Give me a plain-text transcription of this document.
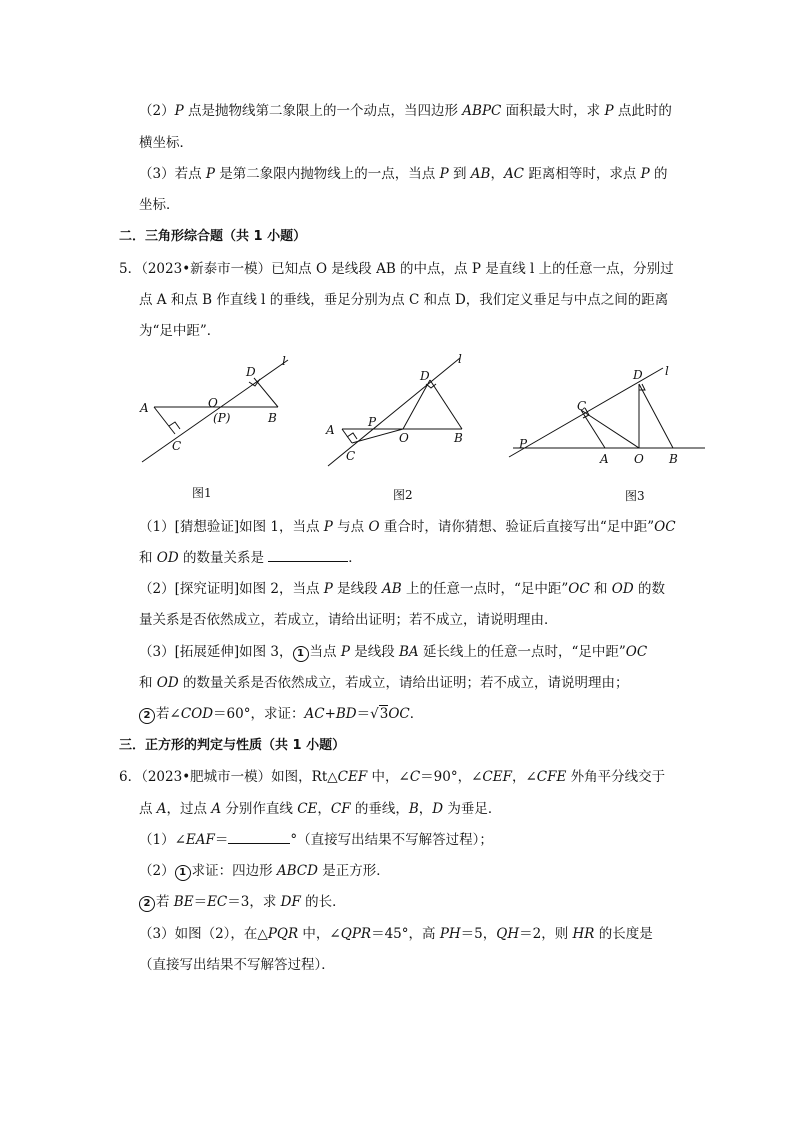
（2）P 点是抛物线第二象限上的一个动点，当四边形 ABPC 面积最大时，求 P 点此时的
横坐标．
（3）若点 P 是第二象限内抛物线上的一点，当点 P 到 AB，AC 距离相等时，求点 P 的
坐标．
二．三角形综合题（共 1 小题）
5．（2023•新泰市一模）已知点 O 是线段 AB 的中点，点 P 是直线 l 上的任意一点，分别过
点 A 和点 B 作直线 l 的垂线，垂足分别为点 C 和点 D，我们定义垂足与中点之间的距离
为“足中距”．
A
C
O
(P)	B
D
l
图1
A
C
P
O	B
D
l
图2
P
C
A O B
D l
图3
（1）[猜想验证]如图 1，当点 P 与点 O 重合时，请你猜想、验证后直接写出“足中距”OC
和 OD 的数量关系是	．
（2）[探究证明]如图 2，当点 P 是线段 AB 上的任意一点时，“足中距”OC 和 OD 的数
量关系是否依然成立，若成立，请给出证明；若不成立，请说明理由．
（3）[拓展延伸]如图 3， 1 当点 P 是线段 BA 延长线上的任意一点时，“足中距”OC
和 OD 的数量关系是否依然成立，若成立，请给出证明；若不成立，请说明理由；
2 若∠COD＝60°，求证：AC+BD＝√3OC．
三．正方形的判定与性质（共 1 小题）
6．（2023•肥城市一模）如图，Rt△CEF 中，∠C＝90°，∠CEF，∠CFE 外角平分线交于
点 A，过点 A 分别作直线 CE，CF 的垂线，B，D 为垂足．
（1）∠EAF＝	°（直接写出结果不写解答过程）；
（2） 1 求证：四边形 ABCD 是正方形．
2 若 BE＝EC＝3，求 DF 的长．
（3）如图（2），在△PQR 中，∠QPR＝45°，高 PH＝5，QH＝2，则 HR 的长度是
（直接写出结果不写解答过程）．
